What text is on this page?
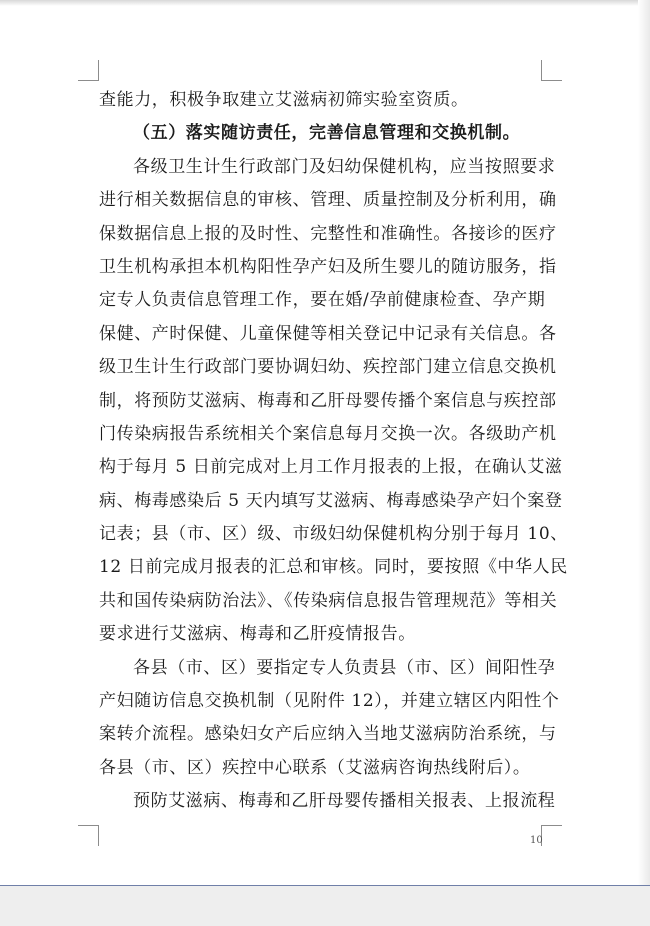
查能力，积极争取建立艾滋病初筛实验室资质。
（五）落实随访责任，完善信息管理和交换机制。
各级卫生计生行政部门及妇幼保健机构，应当按照要求
进行相关数据信息的审核、管理、质量控制及分析利用，确
保数据信息上报的及时性、完整性和准确性。各接诊的医疗
卫生机构承担本机构阳性孕产妇及所生婴儿的随访服务，指
定专人负责信息管理工作，要在婚/孕前健康检查、孕产期
保健、产时保健、儿童保健等相关登记中记录有关信息。各
级卫生计生行政部门要协调妇幼、疾控部门建立信息交换机
制，将预防艾滋病、梅毒和乙肝母婴传播个案信息与疾控部
门传染病报告系统相关个案信息每月交换一次。各级助产机
构于每月 5 日前完成对上月工作月报表的上报，在确认艾滋
病、梅毒感染后 5 天内填写艾滋病、梅毒感染孕产妇个案登
记表；县（市、区）级、市级妇幼保健机构分别于每月 10、
12 日前完成月报表的汇总和审核。同时，要按照《中华人民
共和国传染病防治法》、《传染病信息报告管理规范》等相关
要求进行艾滋病、梅毒和乙肝疫情报告。
各县（市、区）要指定专人负责县（市、区）间阳性孕
产妇随访信息交换机制（见附件 12），并建立辖区内阳性个
案转介流程。感染妇女产后应纳入当地艾滋病防治系统，与
各县（市、区）疾控中心联系（艾滋病咨询热线附后）。
预防艾滋病、梅毒和乙肝母婴传播相关报表、上报流程
10
